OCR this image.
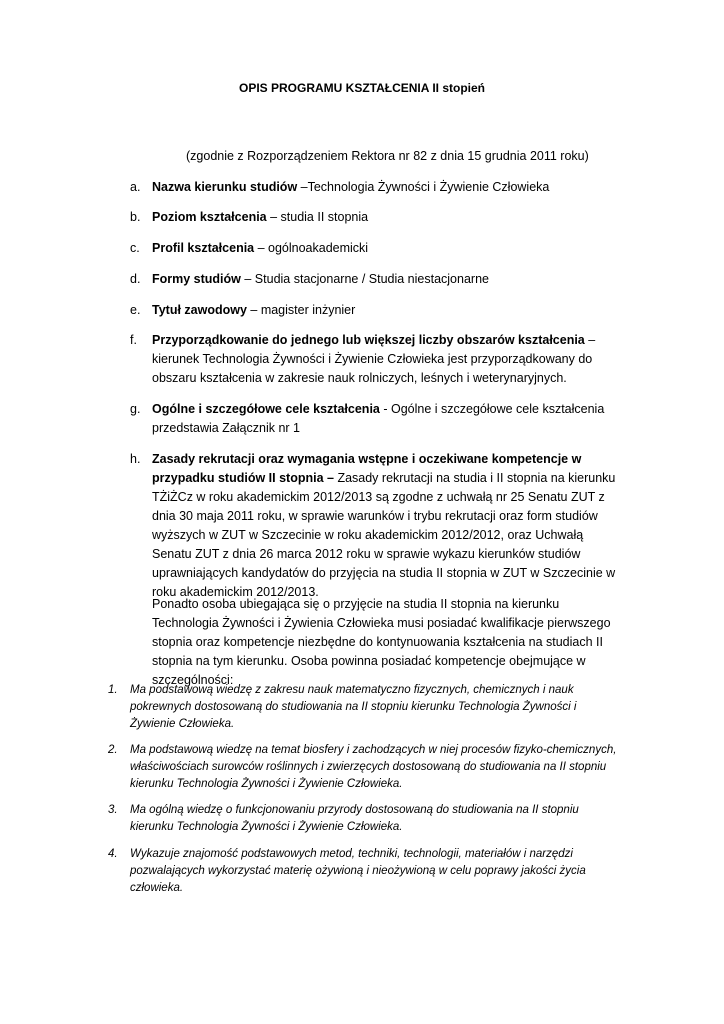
OPIS PROGRAMU KSZTAŁCENIA II stopień
(zgodnie z Rozporządzeniem Rektora nr 82 z dnia 15 grudnia 2011 roku)
a. Nazwa kierunku studiów –Technologia Żywności i Żywienie Człowieka
b. Poziom kształcenia – studia II stopnia
c. Profil kształcenia – ogólnoakademicki
d. Formy studiów – Studia stacjonarne / Studia niestacjonarne
e. Tytuł zawodowy – magister inżynier
f. Przyporządkowanie do jednego lub większej liczby obszarów kształcenia – kierunek Technologia Żywności i Żywienie Człowieka jest przyporządkowany do obszaru kształcenia w zakresie nauk rolniczych, leśnych i weterynaryjnych.
g. Ogólne i szczegółowe cele kształcenia - Ogólne i szczegółowe cele kształcenia przedstawia Załącznik nr 1
h. Zasady rekrutacji oraz wymagania wstępne i oczekiwane kompetencje w przypadku studiów II stopnia – Zasady rekrutacji na studia i II stopnia na kierunku TŻiŻCz w roku akademickim 2012/2013 są zgodne z uchwałą nr 25 Senatu ZUT z dnia 30 maja 2011 roku, w sprawie warunków i trybu rekrutacji oraz form studiów wyższych w ZUT w Szczecinie w roku akademickim 2012/2012, oraz Uchwałą Senatu ZUT z dnia 26 marca 2012 roku w sprawie wykazu kierunków studiów uprawniających kandydatów do przyjęcia na studia II stopnia w ZUT w Szczecinie w roku akademickim 2012/2013.
Ponadto osoba ubiegająca się o przyjęcie na studia II stopnia na kierunku Technologia Żywności i Żywienia Człowieka musi posiadać kwalifikacje pierwszego stopnia oraz kompetencje niezbędne do kontynuowania kształcenia na studiach II stopnia na tym kierunku. Osoba powinna posiadać kompetencje obejmujące w szczególności:
1. Ma podstawową wiedzę z zakresu nauk matematyczno fizycznych, chemicznych i nauk pokrewnych dostosowaną do studiowania na II stopniu kierunku Technologia Żywności i Żywienie Człowieka.
2. Ma podstawową wiedzę na temat biosfery i zachodzących w niej procesów fizyko-chemicznych, właściwościach surowców roślinnych i zwierzęcych dostosowaną do studiowania na II stopniu kierunku Technologia Żywności i Żywienie Człowieka.
3. Ma ogólną wiedzę o funkcjonowaniu przyrody dostosowaną do studiowania na II stopniu kierunku Technologia Żywności i Żywienie Człowieka.
4. Wykazuje znajomość podstawowych metod, techniki, technologii, materiałów i narzędzi pozwalających wykorzystać materię ożywioną i nieożywioną w celu poprawy jakości życia człowieka.
